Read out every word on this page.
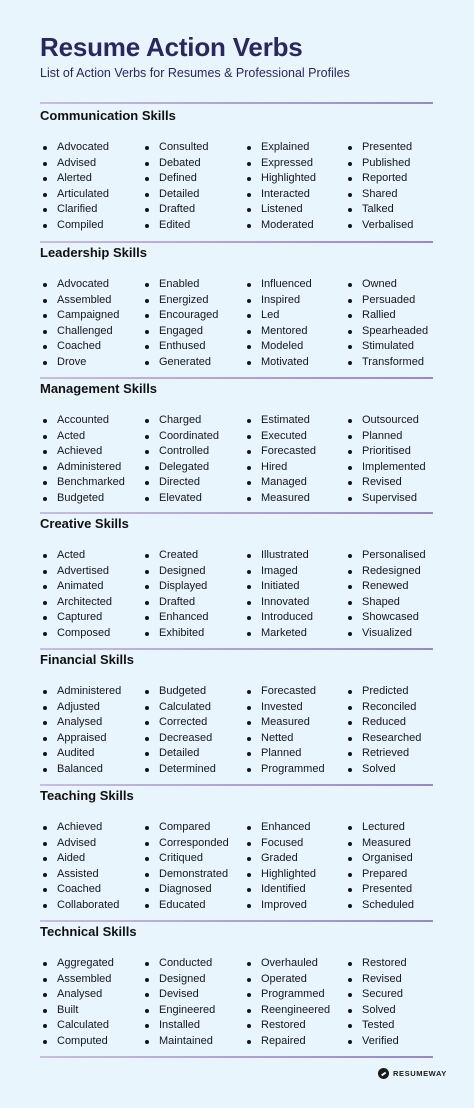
Resume Action Verbs
List of Action Verbs for Resumes & Professional Profiles
Communication Skills
Advocated
Advised
Alerted
Articulated
Clarified
Compiled
Consulted
Debated
Defined
Detailed
Drafted
Edited
Explained
Expressed
Highlighted
Interacted
Listened
Moderated
Presented
Published
Reported
Shared
Talked
Verbalised
Leadership Skills
Advocated
Assembled
Campaigned
Challenged
Coached
Drove
Enabled
Energized
Encouraged
Engaged
Enthused
Generated
Influenced
Inspired
Led
Mentored
Modeled
Motivated
Owned
Persuaded
Rallied
Spearheaded
Stimulated
Transformed
Management Skills
Accounted
Acted
Achieved
Administered
Benchmarked
Budgeted
Charged
Coordinated
Controlled
Delegated
Directed
Elevated
Estimated
Executed
Forecasted
Hired
Managed
Measured
Outsourced
Planned
Prioritised
Implemented
Revised
Supervised
Creative Skills
Acted
Advertised
Animated
Architected
Captured
Composed
Created
Designed
Displayed
Drafted
Enhanced
Exhibited
Illustrated
Imaged
Initiated
Innovated
Introduced
Marketed
Personalised
Redesigned
Renewed
Shaped
Showcased
Visualized
Financial Skills
Administered
Adjusted
Analysed
Appraised
Audited
Balanced
Budgeted
Calculated
Corrected
Decreased
Detailed
Determined
Forecasted
Invested
Measured
Netted
Planned
Programmed
Predicted
Reconciled
Reduced
Researched
Retrieved
Solved
Teaching Skills
Achieved
Advised
Aided
Assisted
Coached
Collaborated
Compared
Corresponded
Critiqued
Demonstrated
Diagnosed
Educated
Enhanced
Focused
Graded
Highlighted
Identified
Improved
Lectured
Measured
Organised
Prepared
Presented
Scheduled
Technical Skills
Aggregated
Assembled
Analysed
Built
Calculated
Computed
Conducted
Designed
Devised
Engineered
Installed
Maintained
Overhauled
Operated
Programmed
Reengineered
Restored
Repaired
Restored
Revised
Secured
Solved
Tested
Verified
RESUMEWAY
